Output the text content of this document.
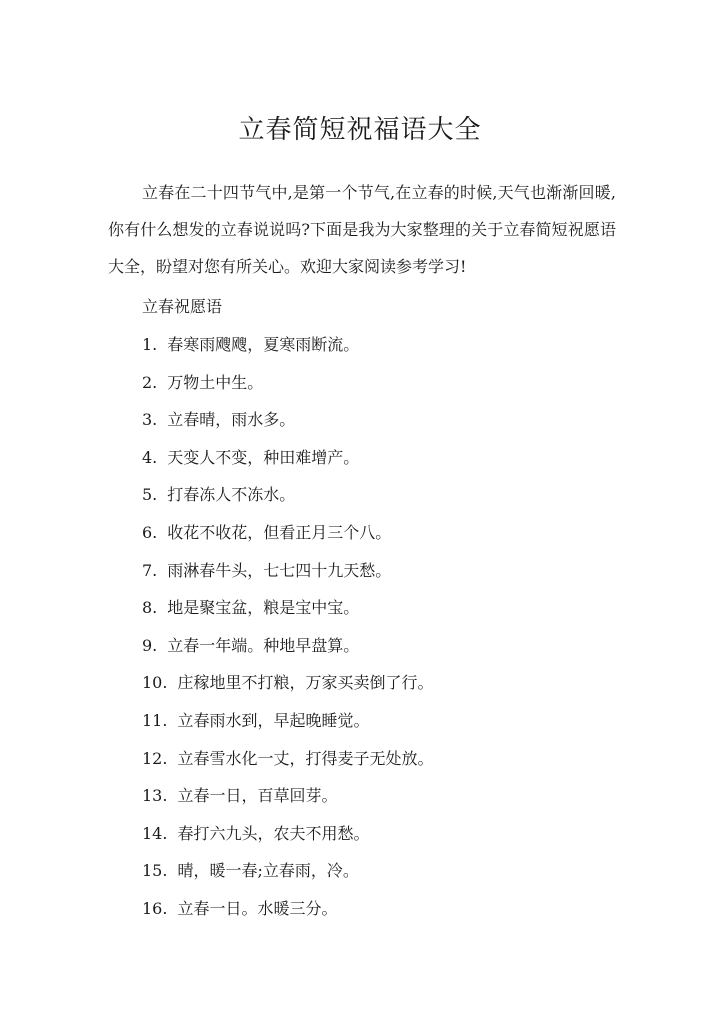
立春简短祝福语大全
立春在二十四节气中,是第一个节气,在立春的时候,天气也渐渐回暖,你有什么想发的立春说说吗?下面是我为大家整理的关于立春简短祝愿语大全，盼望对您有所关心。欢迎大家阅读参考学习!
立春祝愿语
1. 春寒雨飕飕，夏寒雨断流。
2. 万物土中生。
3. 立春晴，雨水多。
4. 天变人不变，种田难增产。
5. 打春冻人不冻水。
6. 收花不收花，但看正月三个八。
7. 雨淋春牛头，七七四十九天愁。
8. 地是聚宝盆，粮是宝中宝。
9. 立春一年端。种地早盘算。
10. 庄稼地里不打粮，万家买卖倒了行。
11. 立春雨水到，早起晚睡觉。
12. 立春雪水化一丈，打得麦子无处放。
13. 立春一日，百草回芽。
14. 春打六九头，农夫不用愁。
15. 晴，暖一春;立春雨，冷。
16. 立春一日。水暖三分。
